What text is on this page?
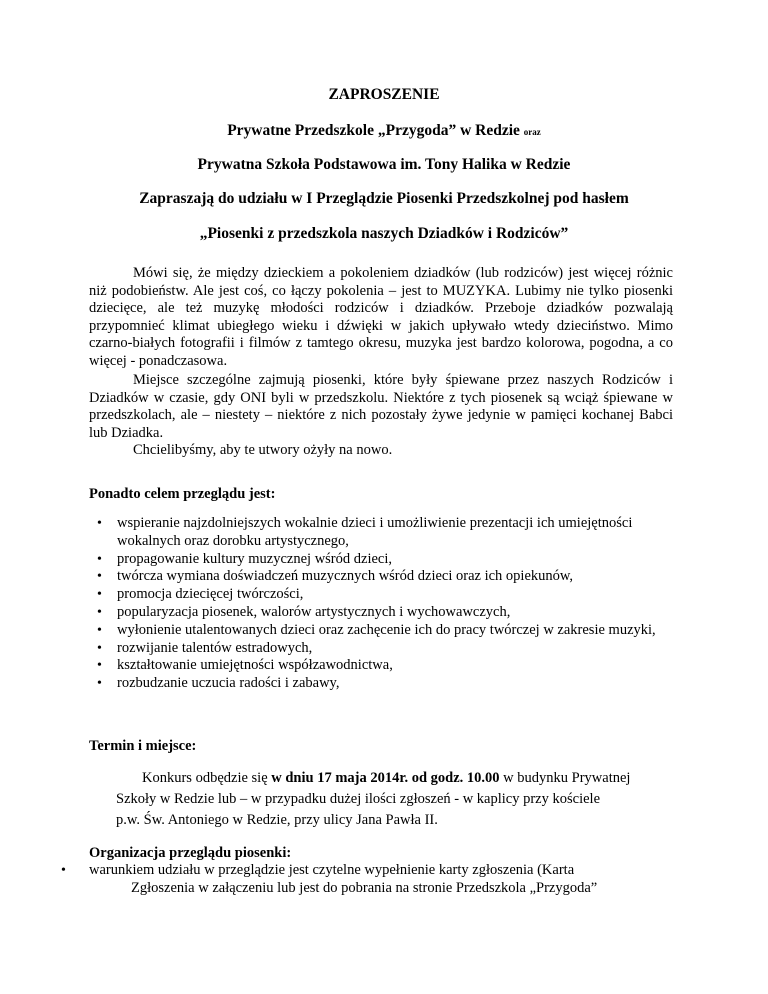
ZAPROSZENIE
Prywatne Przedszkole „Przygoda” w Redzie oraz
Prywatna Szkoła Podstawowa im. Tony Halika w Redzie
Zapraszają do udziału w I Przeglądzie Piosenki Przedszkolnej pod hasłem
„Piosenki z przedszkola naszych Dziadków i Rodziców”

Mówi się, że między dzieckiem a pokoleniem dziadków (lub rodziców) jest więcej różnic niż podobieństw. Ale jest coś, co łączy pokolenia – jest to MUZYKA. Lubimy nie tylko piosenki dziecięce, ale też muzykę młodości rodziców i dziadków. Przeboje dziadków pozwalają przypomnieć klimat ubiegłego wieku i dźwięki w jakich upływało wtedy dzieciństwo. Mimo czarno-białych fotografii i filmów z tamtego okresu, muzyka jest bardzo kolorowa, pogodna, a co więcej - ponadczasowa.

Miejsce szczególne zajmują piosenki, które były śpiewane przez naszych Rodziców i Dziadków w czasie, gdy ONI byli w przedszkolu. Niektóre z tych piosenek są wciąż śpiewane w przedszkolach, ale – niestety – niektóre z nich pozostały żywe jedynie w pamięci kochanej Babci lub Dziadka.

Chcielibyśmy, aby te utwory ożyły na nowo.

Ponadto celem przeglądu jest:
• wspieranie najzdolniejszych wokalnie dzieci i umożliwienie prezentacji ich umiejętności wokalnych oraz dorobku artystycznego,
• propagowanie kultury muzycznej wśród dzieci,
• twórcza wymiana doświadczeń muzycznych wśród dzieci oraz ich opiekunów,
• promocja dziecięcej twórczości,
• popularyzacja piosenek, walorów artystycznych i wychowawczych,
• wyłonienie utalentowanych dzieci oraz zachęcenie ich do pracy twórczej w zakresie muzyki,
• rozwijanie talentów estradowych,
• kształtowanie umiejętności współzawodnictwa,
• rozbudzanie uczucia radości i zabawy,
Termin i miejsce:
Konkurs odbędzie się w dniu 17 maja 2014r. od godz. 10.00 w budynku Prywatnej
Szkoły w Redzie lub – w przypadku dużej ilości zgłoszeń - w kaplicy przy kościele
p.w. Św. Antoniego w Redzie, przy ulicy Jana Pawła II.
Organizacja przeglądu piosenki:
• warunkiem udziału w przeglądzie jest czytelne wypełnienie karty zgłoszenia (Karta
Zgłoszenia w załączeniu lub jest do pobrania na stronie Przedszkola „Przygoda”
